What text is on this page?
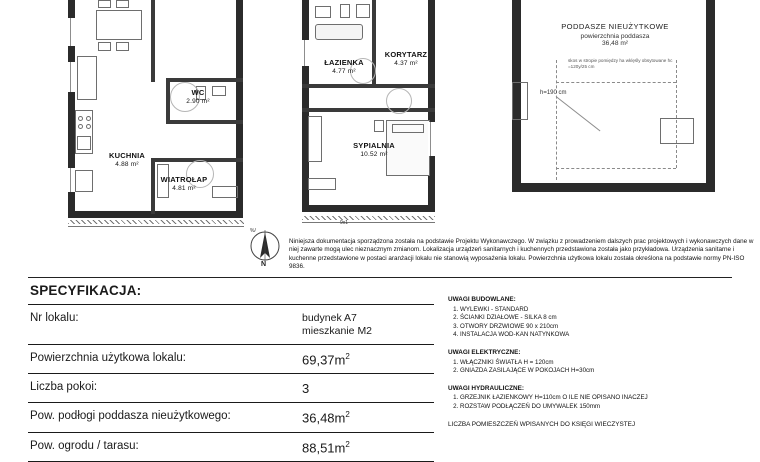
WC
2.90 m²
KUCHNIA
4.88 m²
WIATROŁAP
4.81 m²
ŁAZIENKA
4.77 m²
KORYTARZ
4.37 m²
SYPIALNIA
10.52 m²
9x1
%/
h=190 cm
skos w stropie pomiędzy ha wklęśly obsytowane hc =120y/25 cm
PODDASZE NIEUŻYTKOWE
powierzchnia poddasza
36,48 m²
N
Niniejsza dokumentacja sporządzona została na podstawie Projektu Wykonawczego. W związku z prowadzeniem dalszych prac projektowych i wykonawczych dane w niej zawarte mogą ulec nieznacznym zmianom. Lokalizacja urządzeń sanitarnych i kuchennych przedstawiona została jako przykładowa. Urządzenia sanitarne i kuchenne przedstawione w postaci aranżacji lokalu nie stanowią wyposażenia lokalu. Powierzchnia użytkowa lokalu została określona na podstawie normy PN-ISO 9836.
SPECYFIKACJA:
Nr lokalu:	budynek A7
mieszkanie M2

Powierzchnia użytkowa lokalu:	$69,37m^2$
Liczba pokoi:	3
Pow. podłogi poddasza nieużytkowego:	$36,48m^2$
Pow. ogrodu / tarasu:	$88,51m^2$
UWAGI BUDOWLANE:
1. WYLEWKI - STANDARD
2. ŚCIANKI DZIAŁOWE - SILKA 8 cm
3. OTWORY DRZWIOWE 90 x 210cm
4. INSTALACJA WOD-KAN NATYNKOWA
UWAGI ELEKTRYCZNE:
1. WŁĄCZNIKI ŚWIATŁA H = 120cm
2. GNIAZDA ZASILAJĄCE W POKOJACH H=30cm
UWAGI HYDRAULICZNE:
1. GRZEJNIK ŁAZIENKOWY H=110cm O ILE NIE OPISANO INACZEJ
2. ROZSTAW PODŁĄCZEŃ DO UMYWALEK 150mm
LICZBA POMIESZCZEŃ WPISANYCH DO KSIĘGI WIECZYSTEJ
